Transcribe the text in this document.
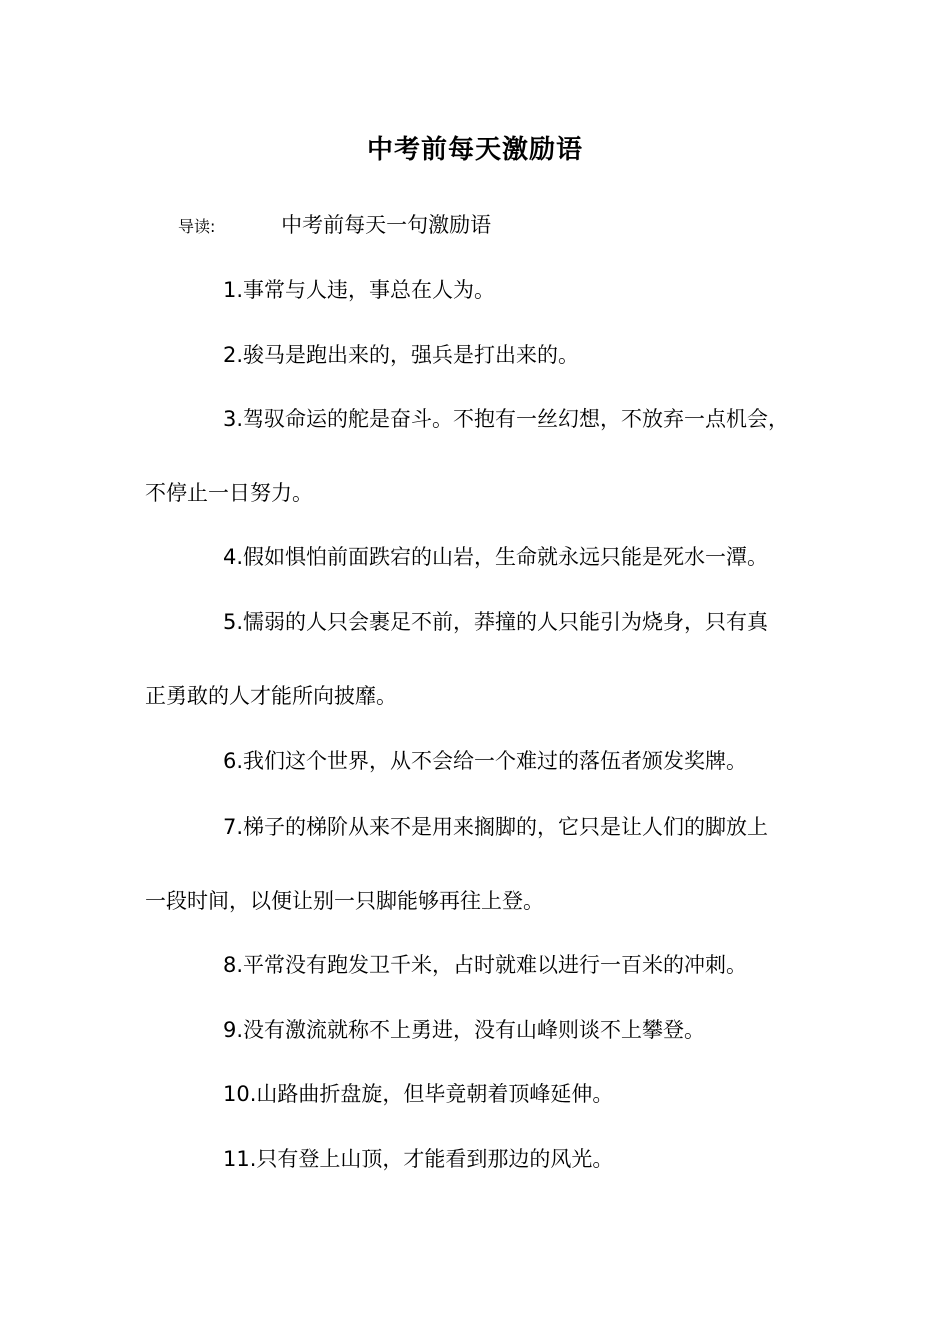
中考前每天激励语
导读:	中考前每天一句激励语
1.事常与人违，事总在人为。
2.骏马是跑出来的，强兵是打出来的。
3.驾驭命运的舵是奋斗。不抱有一丝幻想，不放弃一点机会，
不停止一日努力。
4.假如惧怕前面跌宕的山岩，生命就永远只能是死水一潭。
5.懦弱的人只会裹足不前，莽撞的人只能引为烧身，只有真
正勇敢的人才能所向披靡。
6.我们这个世界，从不会给一个难过的落伍者颁发奖牌。
7.梯子的梯阶从来不是用来搁脚的，它只是让人们的脚放上
一段时间，以便让别一只脚能够再往上登。
8.平常没有跑发卫千米，占时就难以进行一百米的冲刺。
9.没有激流就称不上勇进，没有山峰则谈不上攀登。
10.山路曲折盘旋，但毕竟朝着顶峰延伸。
11.只有登上山顶，才能看到那边的风光。
